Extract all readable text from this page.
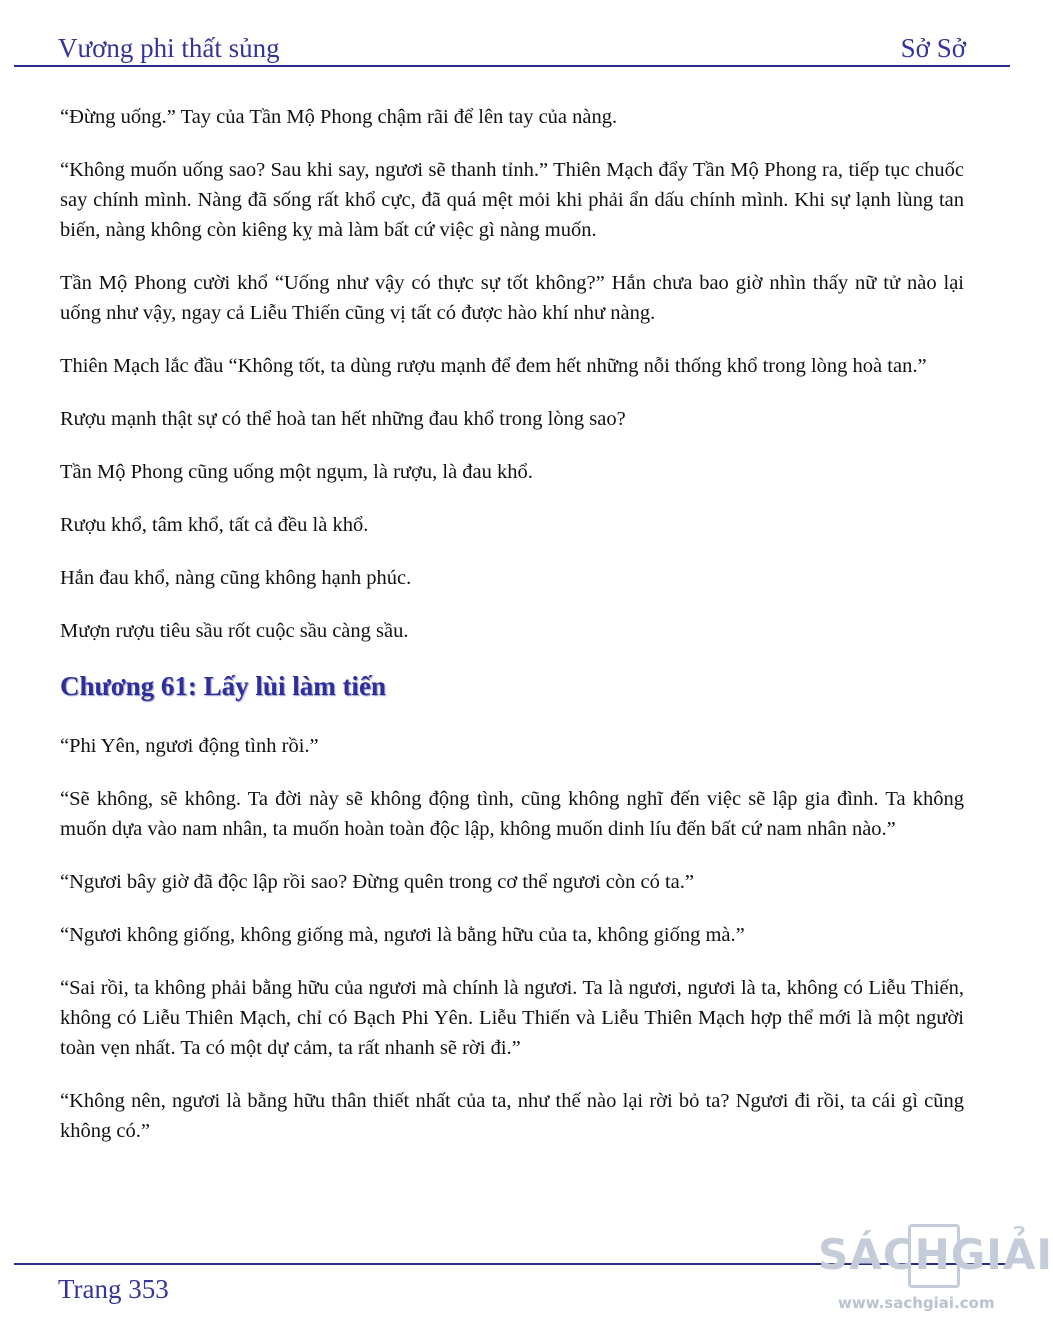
Vương phi thất sủng	Sở Sở

“Đừng uống.” Tay của Tần Mộ Phong chậm rãi để lên tay của nàng.

“Không muốn uống sao? Sau khi say, ngươi sẽ thanh tỉnh.” Thiên Mạch đẩy Tần Mộ Phong ra, tiếp tục chuốc say chính mình. Nàng đã sống rất khổ cực, đã quá mệt mỏi khi phải ẩn dấu chính mình. Khi sự lạnh lùng tan biến, nàng không còn kiêng kỵ mà làm bất cứ việc gì nàng muốn.

Tần Mộ Phong cười khổ “Uống như vậy có thực sự tốt không?” Hắn chưa bao giờ nhìn thấy nữ tử nào lại uống như vậy, ngay cả Liễu Thiến cũng vị tất có được hào khí như nàng.

Thiên Mạch lắc đầu “Không tốt, ta dùng rượu mạnh để đem hết những nỗi thống khổ trong lòng hoà tan.”

Rượu mạnh thật sự có thể hoà tan hết những đau khổ trong lòng sao?

Tần Mộ Phong cũng uống một ngụm, là rượu, là đau khổ.

Rượu khổ, tâm khổ, tất cả đều là khổ.

Hắn đau khổ, nàng cũng không hạnh phúc.

Mượn rượu tiêu sầu rốt cuộc sầu càng sầu.

Chương 61: Lấy lùi làm tiến

“Phi Yên, ngươi động tình rồi.”

“Sẽ không, sẽ không. Ta đời này sẽ không động tình, cũng không nghĩ đến việc sẽ lập gia đình. Ta không muốn dựa vào nam nhân, ta muốn hoàn toàn độc lập, không muốn dinh líu đến bất cứ nam nhân nào.”

“Ngươi bây giờ đã độc lập rồi sao? Đừng quên trong cơ thể ngươi còn có ta.”

“Ngươi không giống, không giống mà, ngươi là bằng hữu của ta, không giống mà.”

“Sai rồi, ta không phải bằng hữu của ngươi mà chính là ngươi. Ta là ngươi, ngươi là ta, không có Liễu Thiến, không có Liễu Thiên Mạch, chỉ có Bạch Phi Yên. Liễu Thiến và Liễu Thiên Mạch hợp thể mới là một người toàn vẹn nhất. Ta có một dự cảm, ta rất nhanh sẽ rời đi.”

“Không nên, ngươi là bằng hữu thân thiết nhất của ta, như thế nào lại rời bỏ ta? Ngươi đi rồi, ta cái gì cũng không có.”

Trang 353
SÁCHGIẢI
www.sachgiai.com
